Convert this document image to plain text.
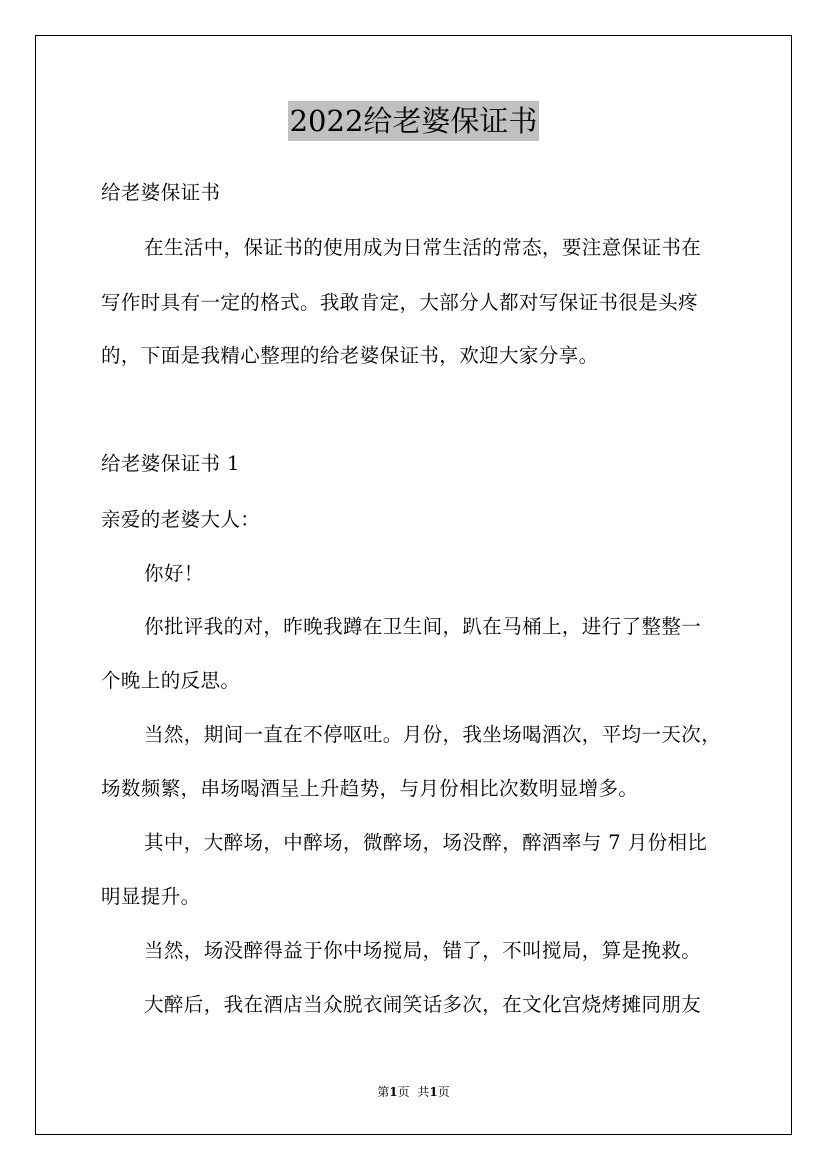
2022给老婆保证书
给老婆保证书
在生活中，保证书的使用成为日常生活的常态，要注意保证书在
写作时具有一定的格式。我敢肯定，大部分人都对写保证书很是头疼
的，下面是我精心整理的给老婆保证书，欢迎大家分享。
给老婆保证书 1
亲爱的老婆大人：
你好！
你批评我的对，昨晚我蹲在卫生间，趴在马桶上，进行了整整一
个晚上的反思。
当然，期间一直在不停呕吐。月份，我坐场喝酒次，平均一天次，
场数频繁，串场喝酒呈上升趋势，与月份相比次数明显增多。
其中，大醉场，中醉场，微醉场，场没醉，醉酒率与 7 月份相比
明显提升。
当然，场没醉得益于你中场搅局，错了，不叫搅局，算是挽救。
大醉后，我在酒店当众脱衣闹笑话多次，在文化宫烧烤摊同朋友
第1页 共1页
